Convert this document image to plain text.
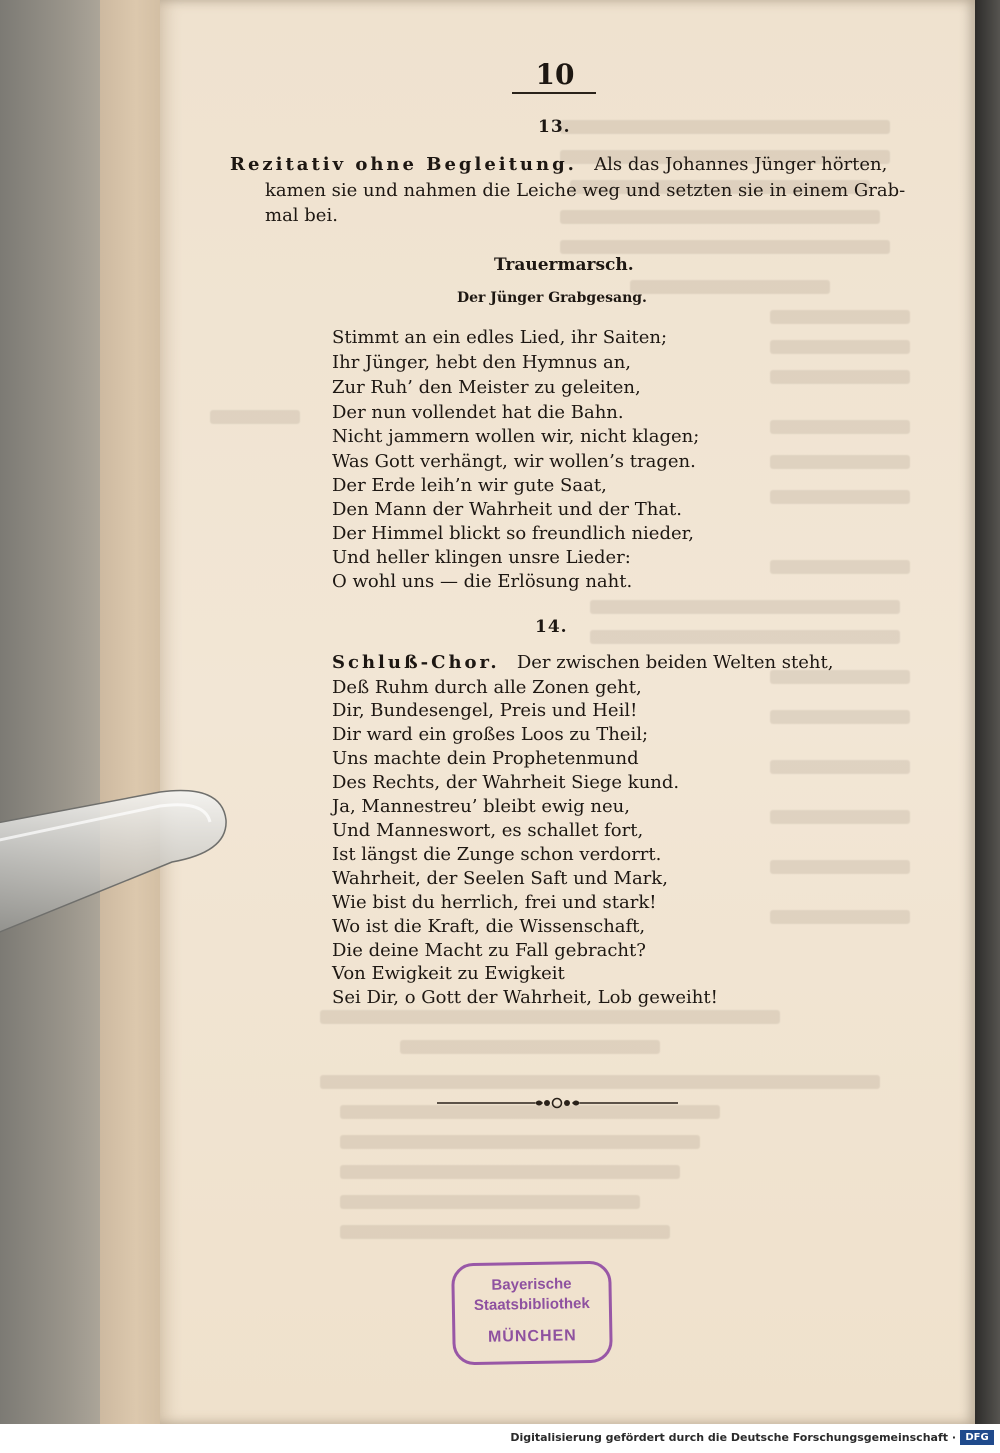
10
13.
Rezitativ ohne Begleitung. Als das Johannes Jünger hörten,
kamen sie und nahmen die Leiche weg und setzten sie in einem Grab-
mal bei.
Trauermarsch.
Der Jünger Grabgesang.
Stimmt an ein edles Lied, ihr Saiten;
Ihr Jünger, hebt den Hymnus an,
Zur Ruh’ den Meister zu geleiten,
Der nun vollendet hat die Bahn.
Nicht jammern wollen wir, nicht klagen;
Was Gott verhängt, wir wollen’s tragen.
Der Erde leih’n wir gute Saat,
Den Mann der Wahrheit und der That.
Der Himmel blickt so freundlich nieder,
Und heller klingen unsre Lieder:
O wohl uns — die Erlösung naht.
14.
Schluß-Chor. Der zwischen beiden Welten steht,
Deß Ruhm durch alle Zonen geht,
Dir, Bundesengel, Preis und Heil!
Dir ward ein großes Loos zu Theil;
Uns machte dein Prophetenmund
Des Rechts, der Wahrheit Siege kund.
Ja, Mannestreu’ bleibt ewig neu,
Und Manneswort, es schallet fort,
Ist längst die Zunge schon verdorrt.
Wahrheit, der Seelen Saft und Mark,
Wie bist du herrlich, frei und stark!
Wo ist die Kraft, die Wissenschaft,
Die deine Macht zu Fall gebracht?
Von Ewigkeit zu Ewigkeit
Sei Dir, o Gott der Wahrheit, Lob geweiht!
Bayerische
Staatsbibliothek
MÜNCHEN
Digitalisierung gefördert durch die Deutsche Forschungsgemeinschaft · DFG
